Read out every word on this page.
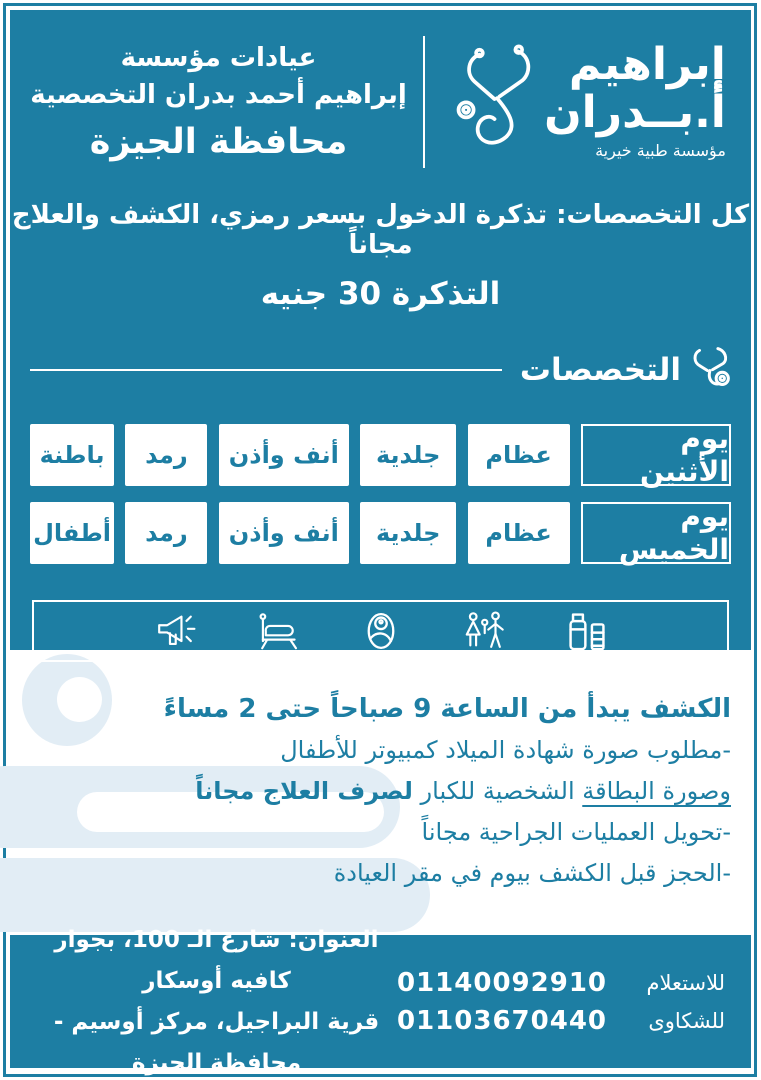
إبراهيم
أ.بــدران
مؤسسة طبية خيرية
عيادات مؤسسة
إبراهيم أحمد بدران التخصصية
محافظة الجيزة
كل التخصصات: تذكرة الدخول بسعر رمزي، الكشف والعلاج مجاناً
التذكرة 30 جنيه
التخصصات
يوم الأثنين
عظام
جلدية
أنف وأذن
رمد
باطنة
يوم الخميس
عظام
جلدية
أنف وأذن
رمد
أطفال
الكشف يبدأ من الساعة 9 صباحاً حتى 2 مساءً
-مطلوب صورة شهادة الميلاد كمبيوتر للأطفال
وصورة البطاقة الشخصية للكبار لصرف العلاج مجاناً
-تحويل العمليات الجراحية مجاناً
-الحجز قبل الكشف بيوم في مقر العيادة
العنوان: شارع الـ 100، بجوار كافيه أوسكار
قرية البراجيل، مركز أوسيم - محافظة الجيزة
للاستعلام
01140092910
للشكاوى
01103670440
